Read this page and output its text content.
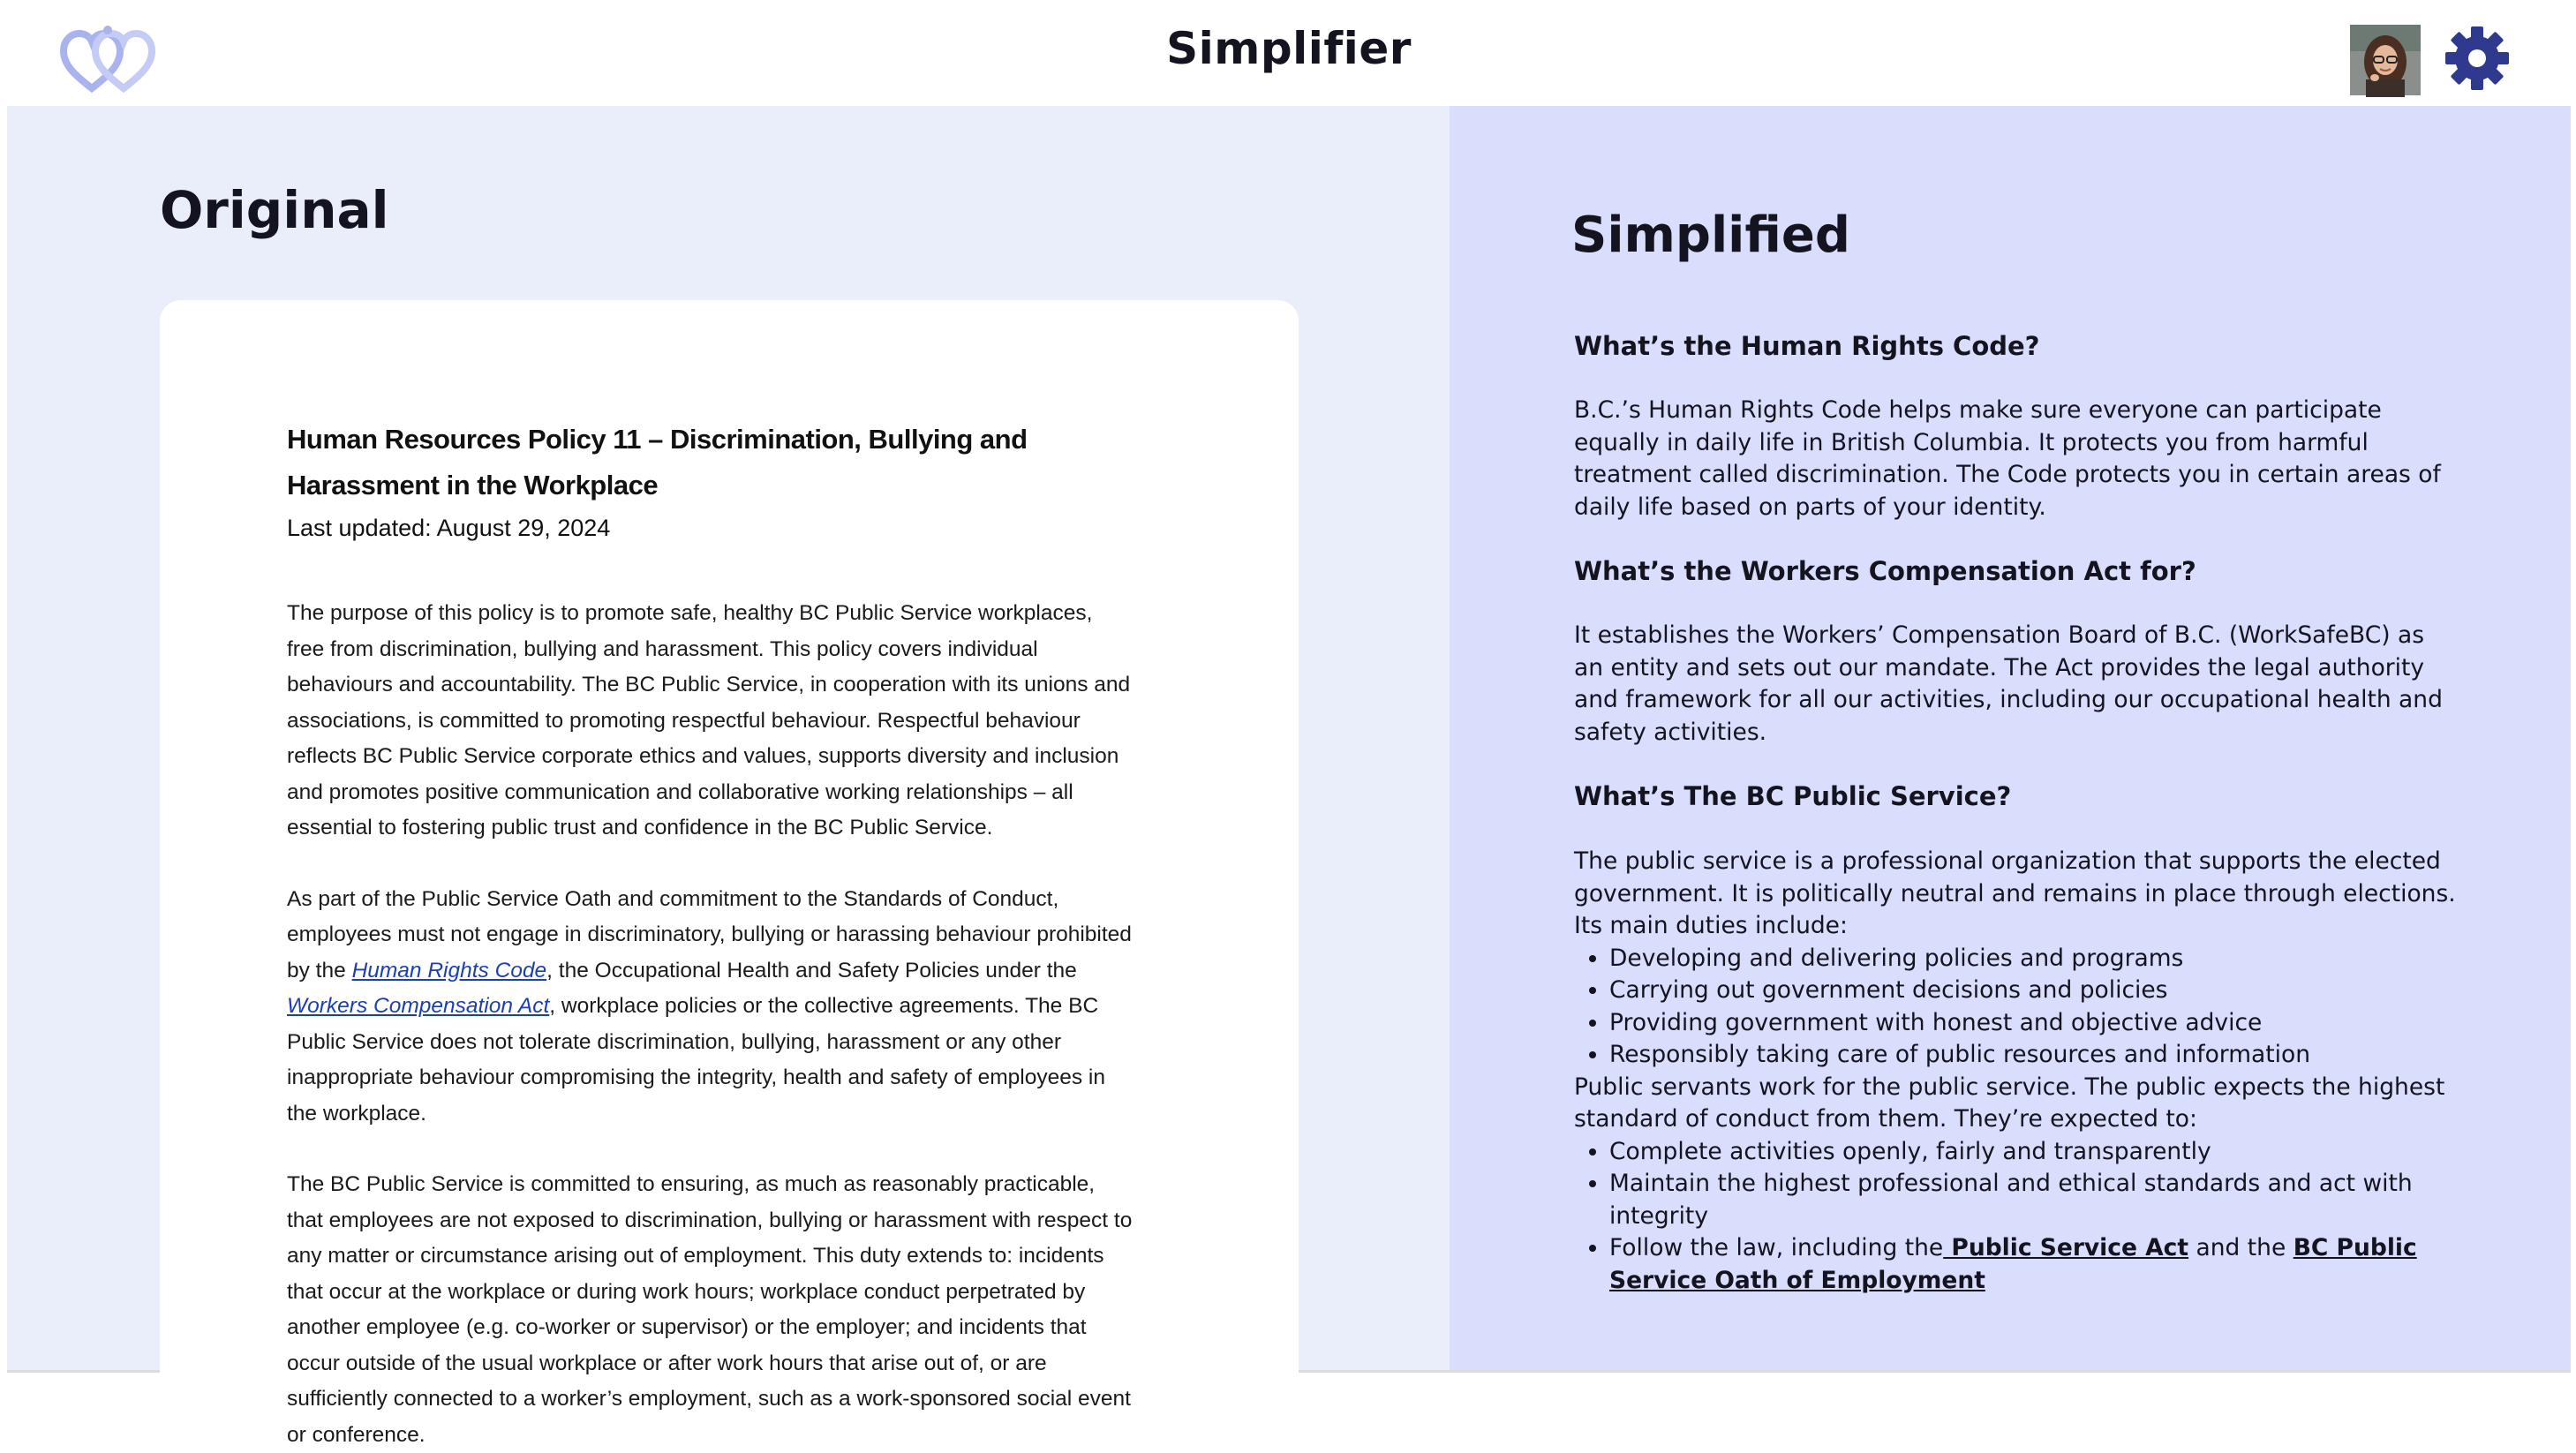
Simplifier
Original

Human Resources Policy 11 – Discrimination, Bullying and Harassment in the Workplace

Last updated: August 29, 2024

The purpose of this policy is to promote safe, healthy BC Public Service workplaces, free from discrimination, bullying and harassment. This policy covers individual behaviours and accountability. The BC Public Service, in cooperation with its unions and associations, is committed to promoting respectful behaviour. Respectful behaviour reflects BC Public Service corporate ethics and values, supports diversity and inclusion and promotes positive communication and collaborative working relationships – all essential to fostering public trust and confidence in the BC Public Service.

As part of the Public Service Oath and commitment to the Standards of Conduct, employees must not engage in discriminatory, bullying or harassing behaviour prohibited by the Human Rights Code, the Occupational Health and Safety Policies under the Workers Compensation Act, workplace policies or the collective agreements. The BC Public Service does not tolerate discrimination, bullying, harassment or any other inappropriate behaviour compromising the integrity, health and safety of employees in the workplace.

The BC Public Service is committed to ensuring, as much as reasonably practicable, that employees are not exposed to discrimination, bullying or harassment with respect to any matter or circumstance arising out of employment. This duty extends to: incidents that occur at the workplace or during work hours; workplace conduct perpetrated by another employee (e.g. co-worker or supervisor) or the employer; and incidents that occur outside of the usual workplace or after work hours that arise out of, or are sufficiently connected to a worker’s employment, such as a work-sponsored social event or conference.

Simplified
What’s the Human Rights Code?

B.C.’s Human Rights Code helps make sure everyone can participate equally in daily life in British Columbia. It protects you from harmful treatment called discrimination. The Code protects you in certain areas of daily life based on parts of your identity.

What’s the Workers Compensation Act for?

It establishes the Workers’ Compensation Board of B.C. (WorkSafeBC) as an entity and sets out our mandate. The Act provides the legal authority and framework for all our activities, including our occupational health and safety activities.

What’s The BC Public Service?
The public service is a professional organization that supports the elected government. It is politically neutral and remains in place through elections. Its main duties include:
• Developing and delivering policies and programs
• Carrying out government decisions and policies
• Providing government with honest and objective advice
• Responsibly taking care of public resources and information
Public servants work for the public service. The public expects the highest standard of conduct from them. They’re expected to:
• Complete activities openly, fairly and transparently
• Maintain the highest professional and ethical standards and act with integrity
• Follow the law, including the Public Service Act and the BC Public Service Oath of Employment
